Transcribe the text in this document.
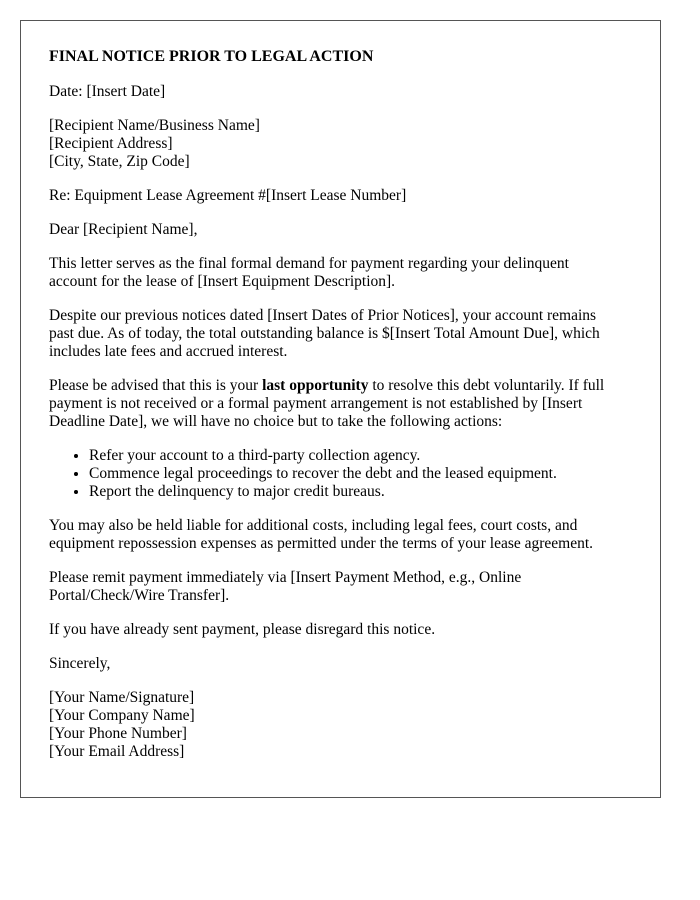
FINAL NOTICE PRIOR TO LEGAL ACTION
Date: [Insert Date]
[Recipient Name/Business Name]
[Recipient Address]
[City, State, Zip Code]
Re: Equipment Lease Agreement #[Insert Lease Number]
Dear [Recipient Name],
This letter serves as the final formal demand for payment regarding your delinquent
account for the lease of [Insert Equipment Description].
Despite our previous notices dated [Insert Dates of Prior Notices], your account remains
past due. As of today, the total outstanding balance is $[Insert Total Amount Due], which
includes late fees and accrued interest.
Please be advised that this is your last opportunity to resolve this debt voluntarily. If full
payment is not received or a formal payment arrangement is not established by [Insert
Deadline Date], we will have no choice but to take the following actions:
• Refer your account to a third-party collection agency.
• Commence legal proceedings to recover the debt and the leased equipment.
• Report the delinquency to major credit bureaus.
You may also be held liable for additional costs, including legal fees, court costs, and
equipment repossession expenses as permitted under the terms of your lease agreement.
Please remit payment immediately via [Insert Payment Method, e.g., Online
Portal/Check/Wire Transfer].
If you have already sent payment, please disregard this notice.
Sincerely,
[Your Name/Signature]
[Your Company Name]
[Your Phone Number]
[Your Email Address]
